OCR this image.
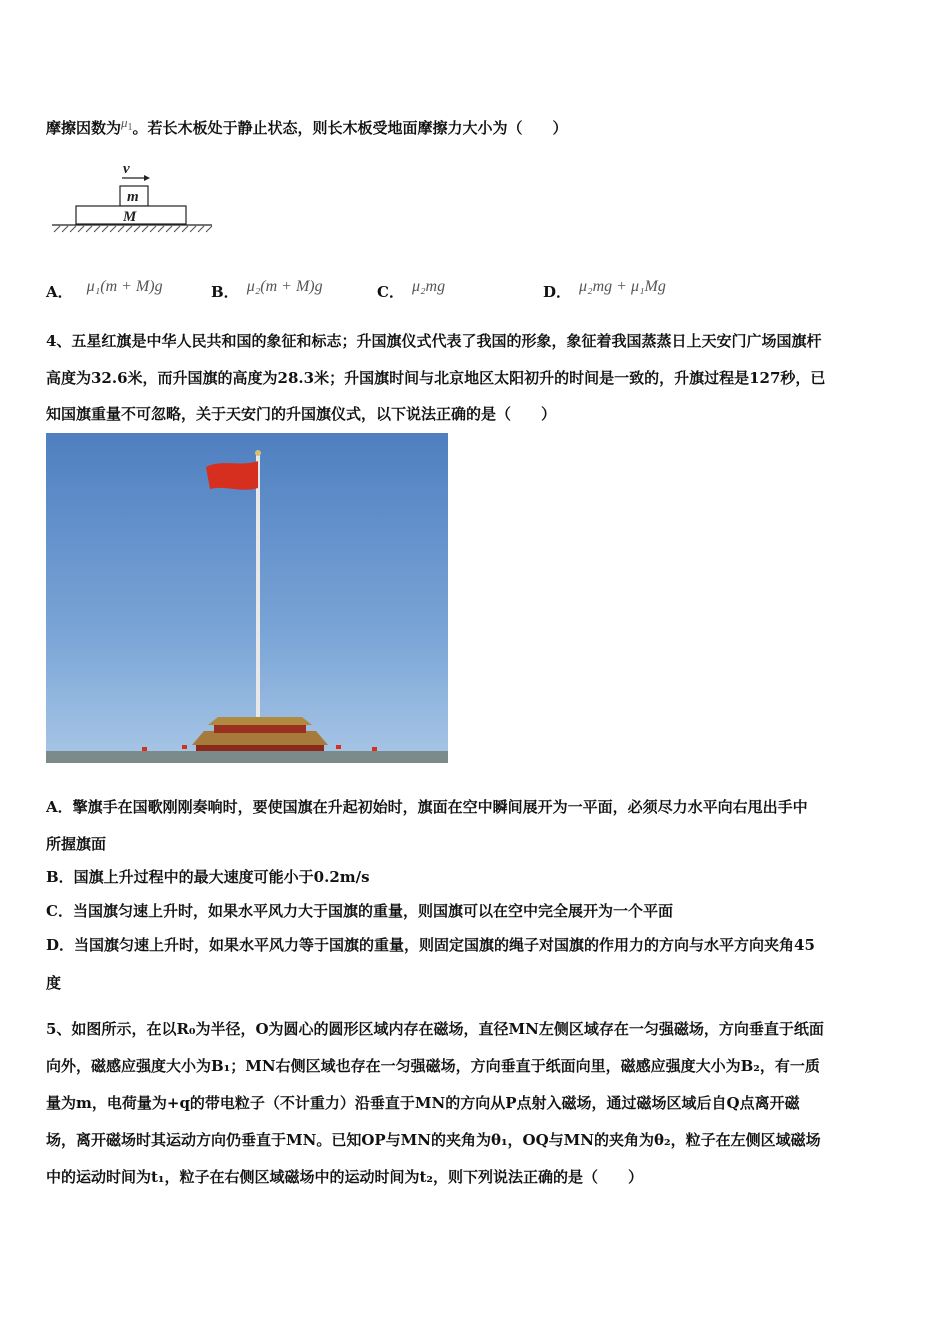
摩擦因数为$\mu_1$。若长木板处于静止状态，则长木板受地面摩擦力大小为（　　）
v
m
M
A． μ₁(m + M)g	B． μ₂(m + M)g	C． μ₂mg	D． μ₂mg + μ₁Mg
4、五星红旗是中华人民共和国的象征和标志；升国旗仪式代表了我国的形象，象征着我国蒸蒸日上天安门广场国旗杆
高度为32.6米，而升国旗的高度为28.3米；升国旗时间与北京地区太阳初升的时间是一致的，升旗过程是127秒，已
知国旗重量不可忽略，关于天安门的升国旗仪式，以下说法正确的是（　　）
A．擎旗手在国歌刚刚奏响时，要使国旗在升起初始时，旗面在空中瞬间展开为一平面，必须尽力水平向右甩出手中
所握旗面
B．国旗上升过程中的最大速度可能小于0.2m/s
C．当国旗匀速上升时，如果水平风力大于国旗的重量，则国旗可以在空中完全展开为一个平面
D．当国旗匀速上升时，如果水平风力等于国旗的重量，则固定国旗的绳子对国旗的作用力的方向与水平方向夹角45
度
5、如图所示，在以R₀为半径，O为圆心的圆形区域内存在磁场，直径MN左侧区域存在一匀强磁场，方向垂直于纸面
向外，磁感应强度大小为B₁；MN右侧区域也存在一匀强磁场，方向垂直于纸面向里，磁感应强度大小为B₂，有一质
量为m，电荷量为+q的带电粒子（不计重力）沿垂直于MN的方向从P点射入磁场，通过磁场区域后自Q点离开磁
场，离开磁场时其运动方向仍垂直于MN。已知OP与MN的夹角为θ₁，OQ与MN的夹角为θ₂，粒子在左侧区域磁场
中的运动时间为t₁，粒子在右侧区域磁场中的运动时间为t₂，则下列说法正确的是（　　）
